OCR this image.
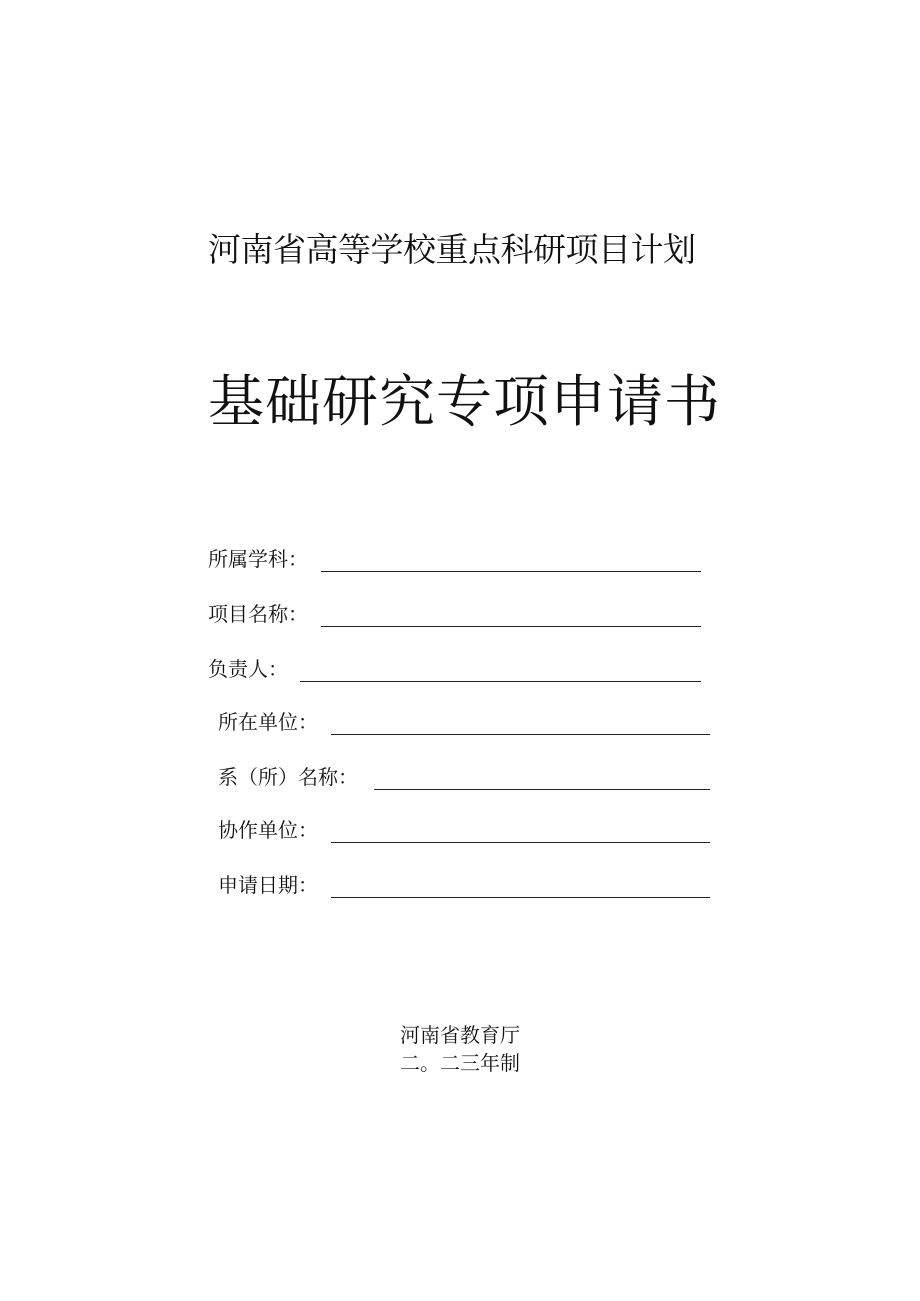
河南省高等学校重点科研项目计划
基础研究专项申请书
所属学科：
项目名称：
负责人：
所在单位：
系（所）名称：
协作单位：
申请日期：
河南省教育厅
二。二三年制
